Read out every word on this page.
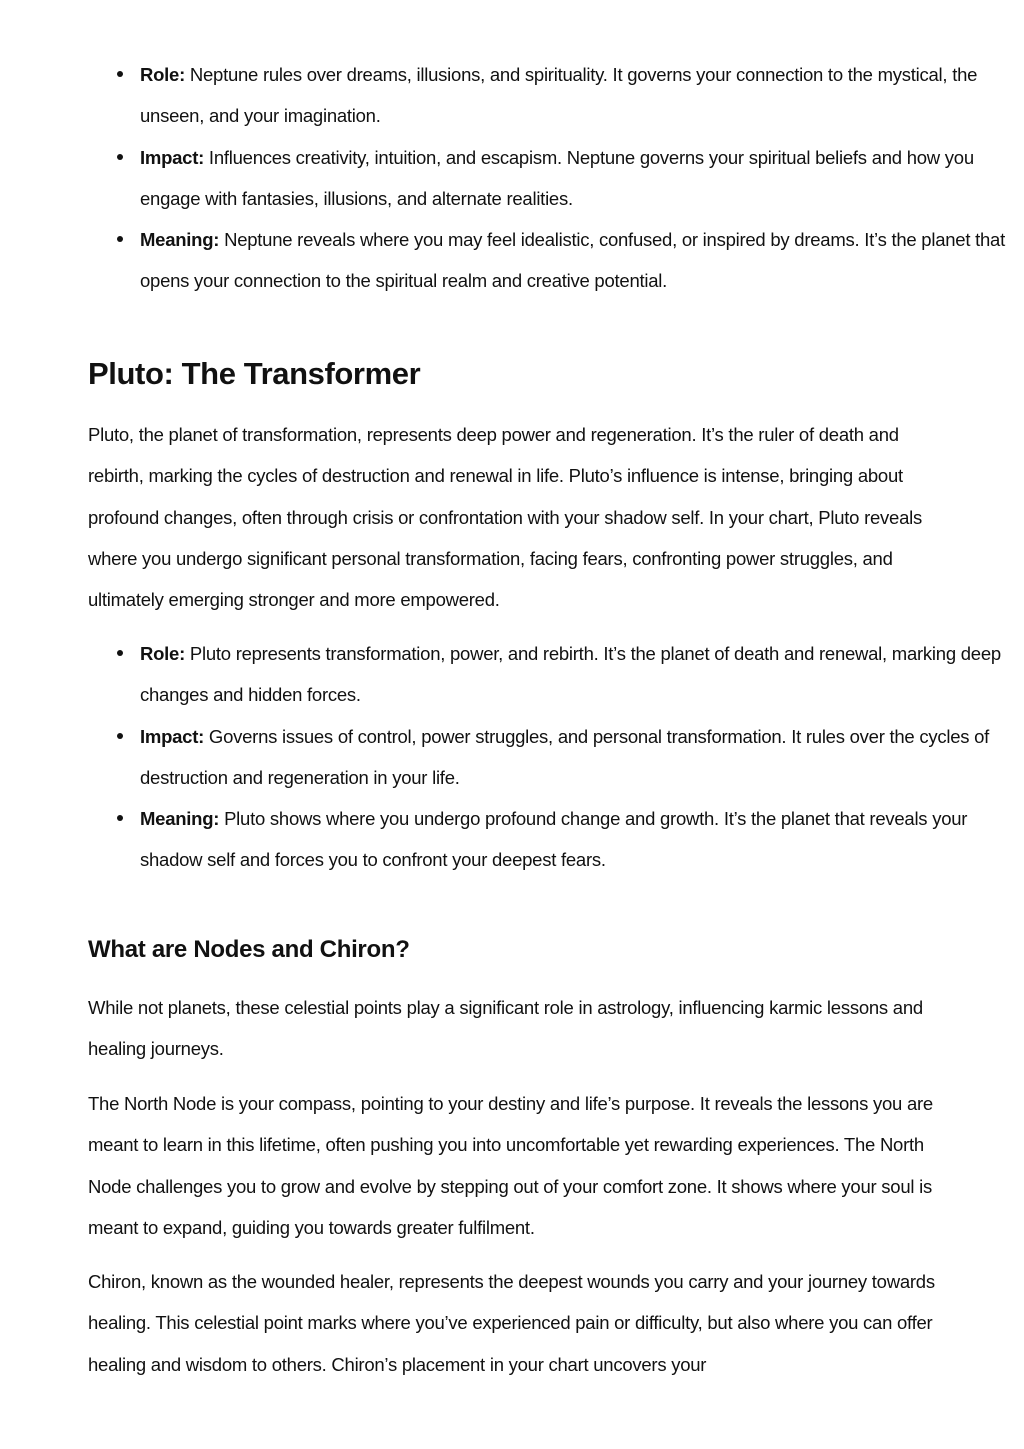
Role: Neptune rules over dreams, illusions, and spirituality. It governs your connection to the mystical, the unseen, and your imagination.
Impact: Influences creativity, intuition, and escapism. Neptune governs your spiritual beliefs and how you engage with fantasies, illusions, and alternate realities.
Meaning: Neptune reveals where you may feel idealistic, confused, or inspired by dreams. It’s the planet that opens your connection to the spiritual realm and creative potential.
Pluto: The Transformer

Pluto, the planet of transformation, represents deep power and regeneration. It’s the ruler of death and rebirth, marking the cycles of destruction and renewal in life. Pluto’s influence is intense, bringing about profound changes, often through crisis or confrontation with your shadow self. In your chart, Pluto reveals where you undergo significant personal transformation, facing fears, confronting power struggles, and ultimately emerging stronger and more empowered.

Role: Pluto represents transformation, power, and rebirth. It’s the planet of death and renewal, marking deep changes and hidden forces.
Impact: Governs issues of control, power struggles, and personal transformation. It rules over the cycles of destruction and regeneration in your life.
Meaning: Pluto shows where you undergo profound change and growth. It’s the planet that reveals your shadow self and forces you to confront your deepest fears.
What are Nodes and Chiron?

While not planets, these celestial points play a significant role in astrology, influencing karmic lessons and healing journeys.

The North Node is your compass, pointing to your destiny and life’s purpose. It reveals the lessons you are meant to learn in this lifetime, often pushing you into uncomfortable yet rewarding experiences. The North Node challenges you to grow and evolve by stepping out of your comfort zone. It shows where your soul is meant to expand, guiding you towards greater fulfilment.

Chiron, known as the wounded healer, represents the deepest wounds you carry and your journey towards healing. This celestial point marks where you’ve experienced pain or difficulty, but also where you can offer healing and wisdom to others. Chiron’s placement in your chart uncovers your
